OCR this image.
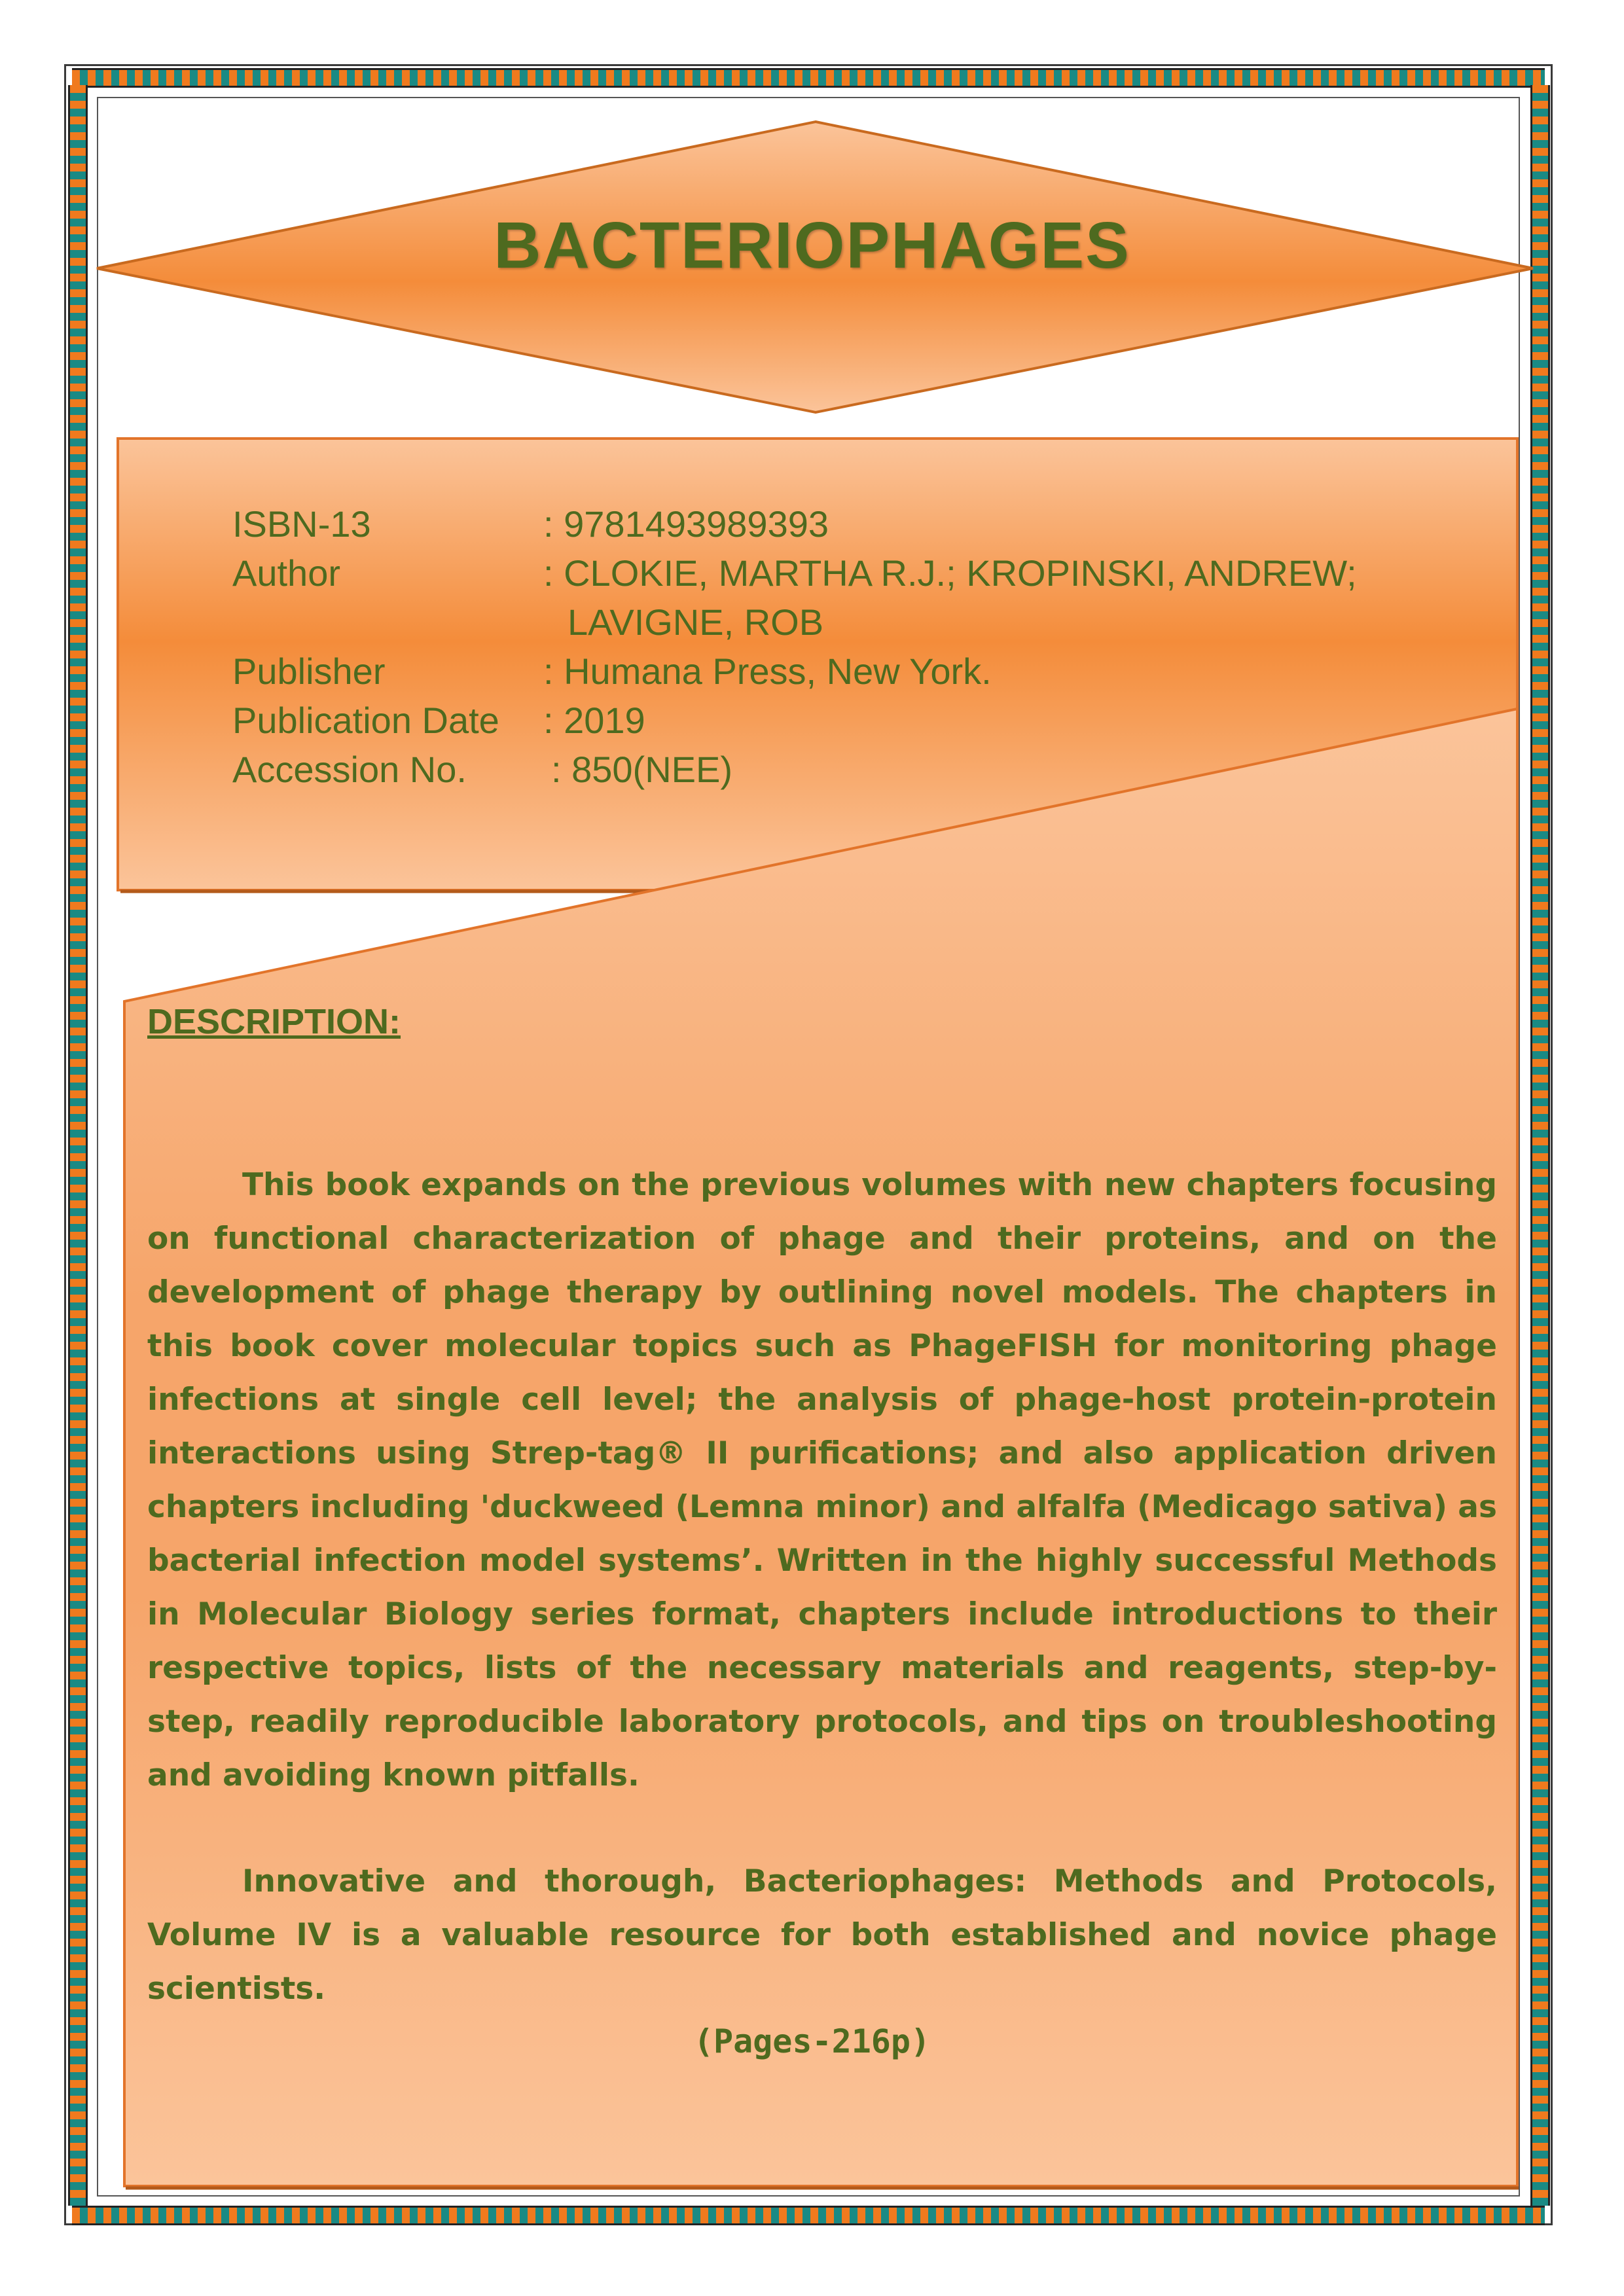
BACTERIOPHAGES
ISBN-13	: 9781493989393
Author	: CLOKIE, MARTHA R.J.; KROPINSKI, ANDREW;
LAVIGNE, ROB
Publisher	: Humana Press, New York.
Publication Date : 2019
Accession No. : 850(NEE)
DESCRIPTION:

This book expands on the previous volumes with new chapters focusing on functional characterization of phage and their proteins, and on the development of phage therapy by outlining novel models. The chapters in this book cover molecular topics such as PhageFISH for monitoring phage infections at single cell level; the analysis of phage-host protein-protein interactions using Strep-tag® II purifications; and also application driven chapters including 'duckweed (Lemna minor) and alfalfa (Medicago sativa) as bacterial infection model systems’. Written in the highly successful Methods in Molecular Biology series format, chapters include introductions to their respective topics, lists of the necessary materials and reagents, step-by-step, readily reproducible laboratory protocols, and tips on troubleshooting and avoiding known pitfalls.

Innovative and thorough, Bacteriophages: Methods and Protocols, Volume IV is a valuable resource for both established and novice phage scientists.

(Pages-216p)
